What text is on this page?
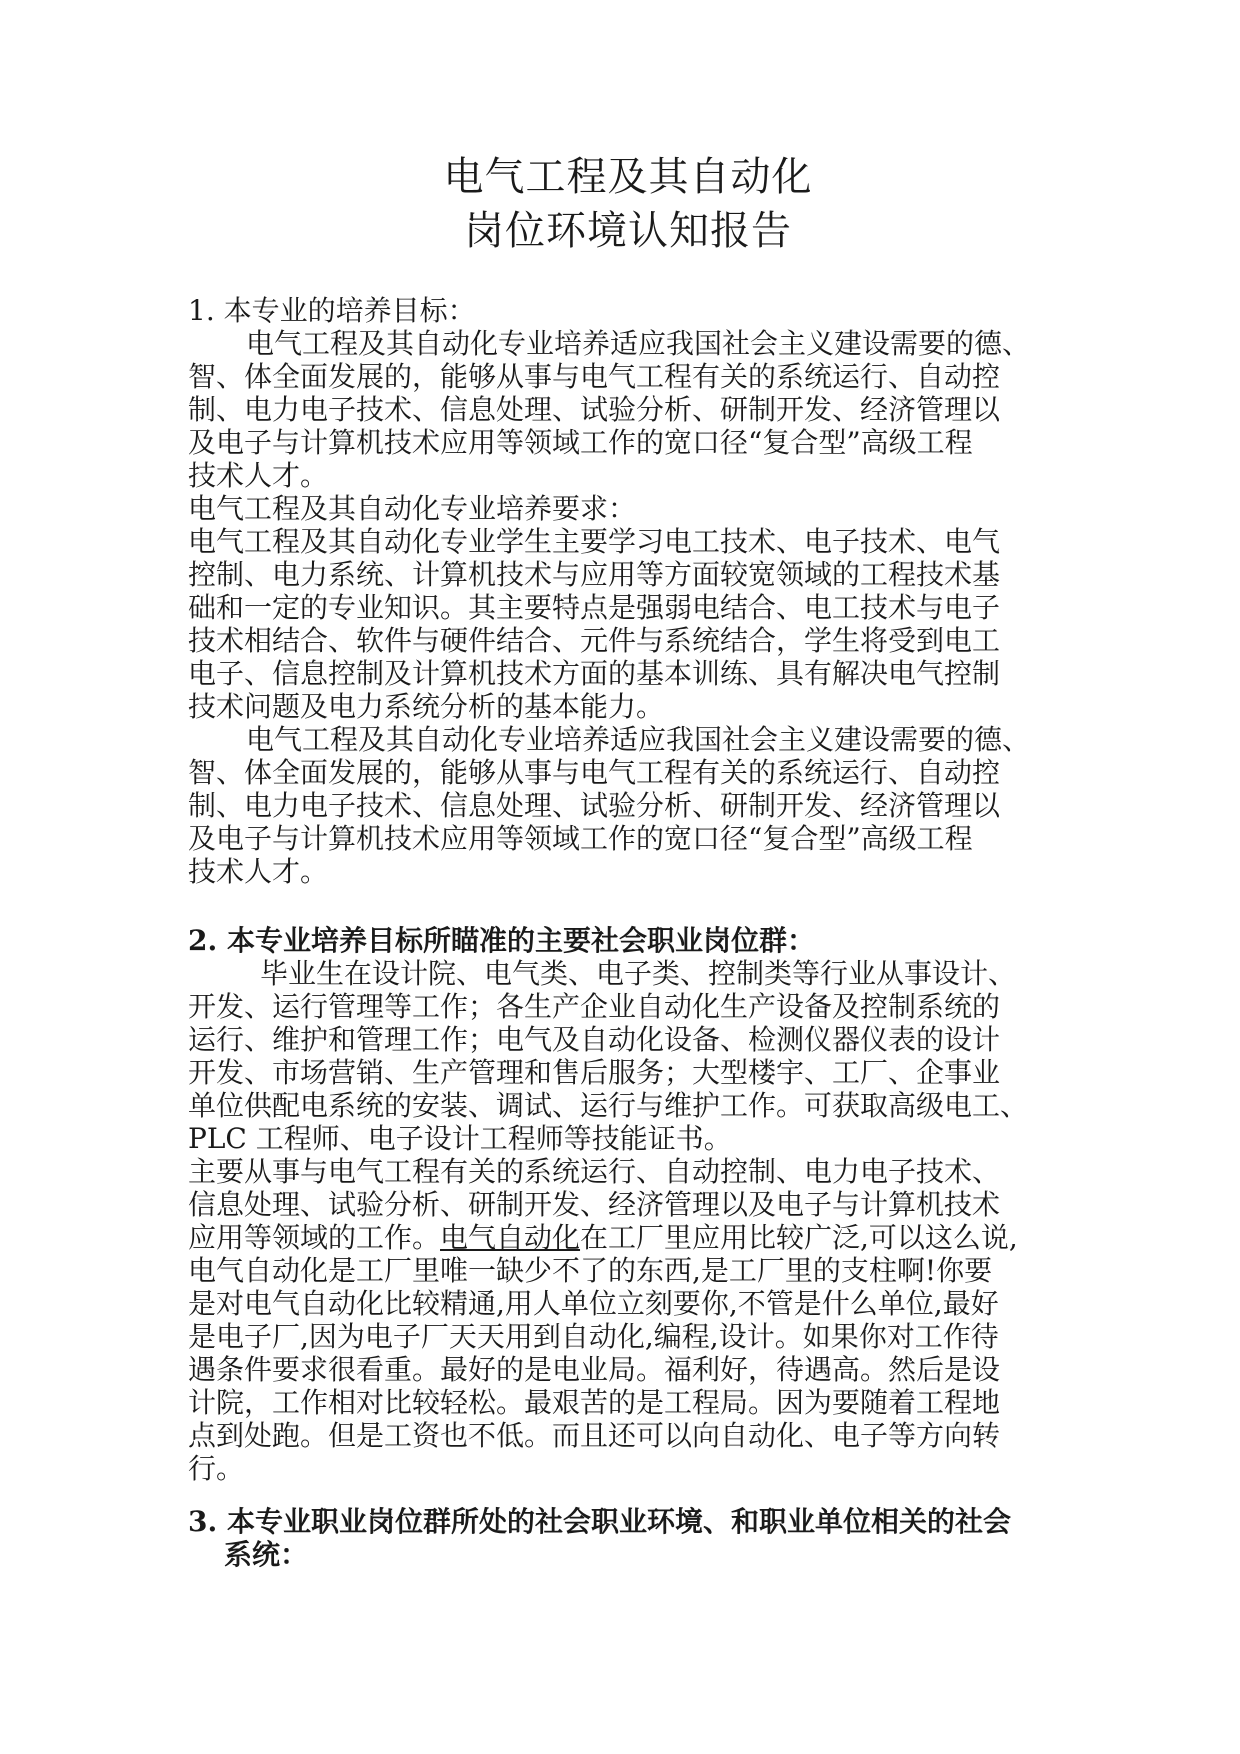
电气工程及其自动化

岗位环境认知报告

1. 本专业的培养目标：

电气工程及其自动化专业培养适应我国社会主义建设需要的德、

智、体全面发展的，能够从事与电气工程有关的系统运行、自动控

制、电力电子技术、信息处理、试验分析、研制开发、经济管理以

及电子与计算机技术应用等领域工作的宽口径“复合型”高级工程

技术人才。

电气工程及其自动化专业培养要求：

电气工程及其自动化专业学生主要学习电工技术、电子技术、电气

控制、电力系统、计算机技术与应用等方面较宽领域的工程技术基

础和一定的专业知识。其主要特点是强弱电结合、电工技术与电子

技术相结合、软件与硬件结合、元件与系统结合，学生将受到电工

电子、信息控制及计算机技术方面的基本训练、具有解决电气控制

技术问题及电力系统分析的基本能力。

电气工程及其自动化专业培养适应我国社会主义建设需要的德、

智、体全面发展的，能够从事与电气工程有关的系统运行、自动控

制、电力电子技术、信息处理、试验分析、研制开发、经济管理以

及电子与计算机技术应用等领域工作的宽口径“复合型”高级工程

技术人才。

2. 本专业培养目标所瞄准的主要社会职业岗位群：

毕业生在设计院、电气类、电子类、控制类等行业从事设计、

开发、运行管理等工作；各生产企业自动化生产设备及控制系统的

运行、维护和管理工作；电气及自动化设备、检测仪器仪表的设计

开发、市场营销、生产管理和售后服务；大型楼宇、工厂、企事业

单位供配电系统的安装、调试、运行与维护工作。可获取高级电工、

PLC 工程师、电子设计工程师等技能证书。

主要从事与电气工程有关的系统运行、自动控制、电力电子技术、

信息处理、试验分析、研制开发、经济管理以及电子与计算机技术

应用等领域的工作。电气自动化在工厂里应用比较广泛,可以这么说,

电气自动化是工厂里唯一缺少不了的东西,是工厂里的支柱啊!你要

是对电气自动化比较精通,用人单位立刻要你,不管是什么单位,最好

是电子厂,因为电子厂天天用到自动化,编程,设计。如果你对工作待

遇条件要求很看重。最好的是电业局。福利好，待遇高。然后是设

计院，工作相对比较轻松。最艰苦的是工程局。因为要随着工程地

点到处跑。但是工资也不低。而且还可以向自动化、电子等方向转

行。

3. 本专业职业岗位群所处的社会职业环境、和职业单位相关的社会

系统：
